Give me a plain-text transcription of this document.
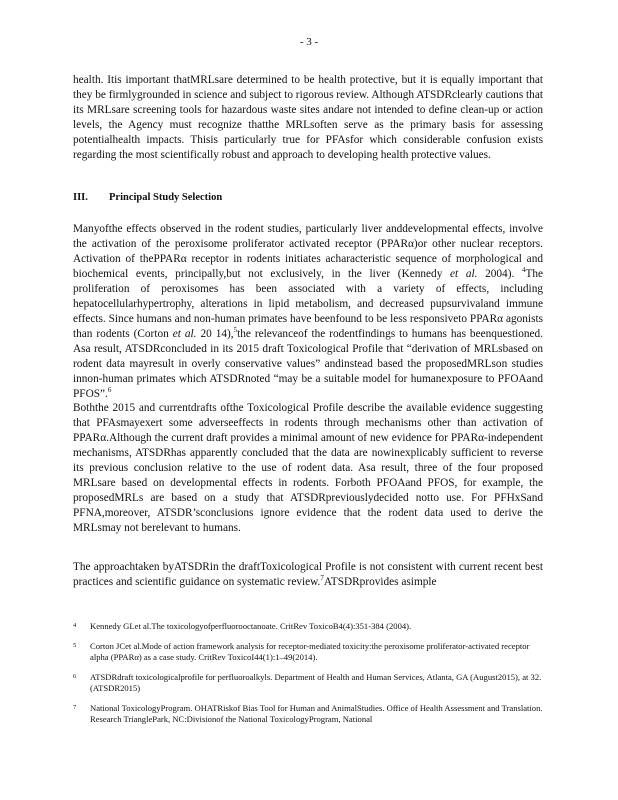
- 3 -

health. Itis important thatMRLsare determined to be health protective, but it is equally important that they be firmlygrounded in science and subject to rigorous review. Although ATSDRclearly cautions that its MRLsare screening tools for hazardous waste sites andare not intended to define clean-up or action levels, the Agency must recognize thatthe MRLsoften serve as the primary basis for assessing potentialhealth impacts. Thisis particularly true for PFAsfor which considerable confusion exists regarding the most scientifically robust and approach to developing health protective values.

III. Principal Study Selection

Manyofthe effects observed in the rodent studies, particularly liver anddevelopmental effects, involve the activation of the peroxisome proliferator activated receptor (PPARα)or other nuclear receptors. Activation of thePPARα receptor in rodents initiates acharacteristic sequence of morphological and biochemical events, principally,but not exclusively, in the liver (Kennedy et al. 2004). $^4$The proliferation of peroxisomes has been associated with a variety of effects, including hepatocellularhypertrophy, alterations in lipid metabolism, and decreased pupsurvivaland immune effects. Since humans and non-human primates have beenfound to be less responsiveto PPARα agonists than rodents (Corton et al. 20 14),$^5$the relevanceof the rodentfindings to humans has beenquestioned. Asa result, ATSDRconcluded in its 2015 draft Toxicological Profile that “derivation of MRLsbased on rodent data mayresult in overly conservative values” andinstead based the proposedMRLson studies innon-human primates which ATSDRnoted “may be a suitable model for humanexposure to PFOAand PFOS”.$^6$

Boththe 2015 and currentdrafts ofthe Toxicological Profile describe the available evidence suggesting that PFAsmayexert some adverseeffects in rodents through mechanisms other than activation of PPARα.Although the current draft provides a minimal amount of new evidence for PPARα-independent mechanisms, ATSDRhas apparently concluded that the data are nowinexplicably sufficient to reverse its previous conclusion relative to the use of rodent data. Asa result, three of the four proposed MRLsare based on developmental effects in rodents. Forboth PFOAand PFOS, for example, the proposedMRLs are based on a study that ATSDRpreviouslydecided notto use. For PFHxSand PFNA,moreover, ATSDR’sconclusions ignore evidence that the rodent data used to derive the MRLsmay not berelevant to humans.

The approachtaken byATSDRin the draftToxicological Profile is not consistent with current recent best practices and scientific guidance on systematic review.$^7$ATSDRprovides asimple

4 Kennedy GLet al.The toxicologyofperfluorooctanoate. CritRev ToxicoB4(4):351-384 (2004).
5 Corton JCet al.Mode of action framework analysis for receptor-mediated toxicity:the peroxisome proliferator-activated receptor alpha (PPARα) as a case study. CritRev ToxicoI44(1):1–49(2014).
6 ATSDRdraft toxicologicalprofile for perfluoroalkyls. Department of Health and Human Services, Atlanta, GA (August2015), at 32. (ATSDR2015)
7 National ToxicologyProgram. OHATRiskof Bias Tool for Human and AnimalStudies. Office of Health Assessment and Translation. Research TrianglePark, NC:Divisionof the National ToxicologyProgram, National
